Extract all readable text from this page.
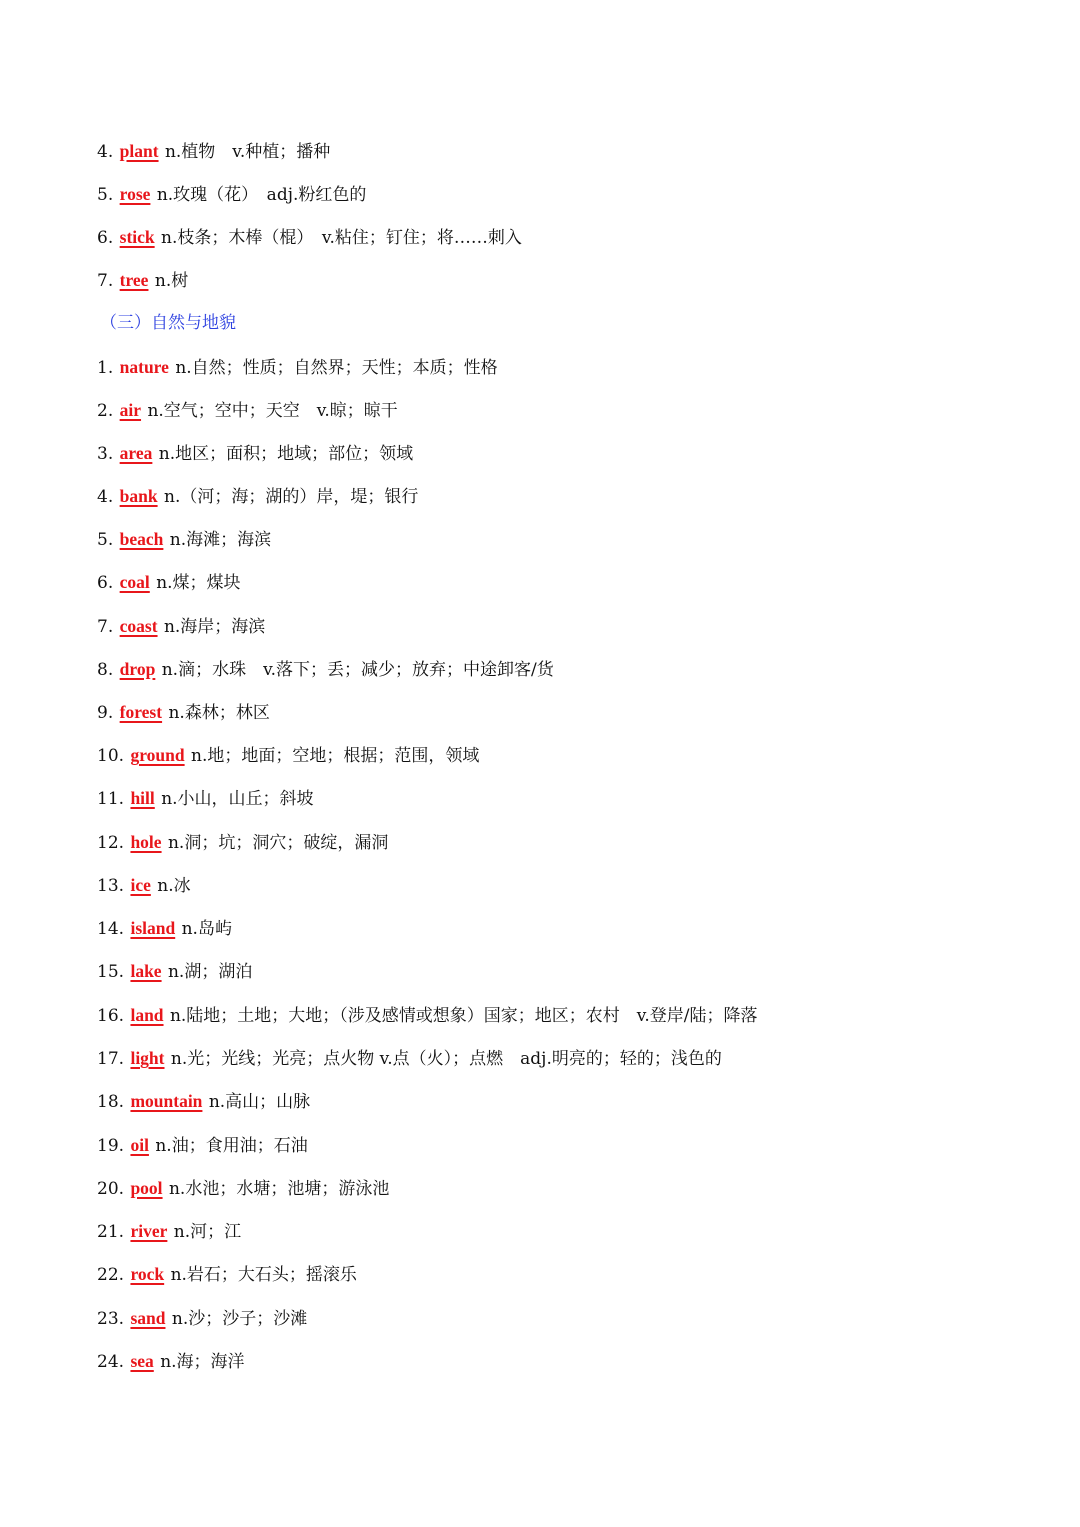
4. plant n.植物　v.种植；播种
5. rose n.玫瑰（花）　adj.粉红色的
6. stick n.枝条；木棒（棍）　v.粘住；钉住；将……刺入
7. tree n.树
（三）自然与地貌
1. nature n.自然；性质；自然界；天性；本质；性格
2. air n.空气；空中；天空　v.晾；晾干
3. area n.地区；面积；地域；部位；领域
4. bank n.（河；海；湖的）岸，堤；银行
5. beach n.海滩；海滨
6. coal n.煤；煤块
7. coast n.海岸；海滨
8. drop n.滴；水珠　v.落下；丢；减少；放弃；中途卸客/货
9. forest n.森林；林区
10. ground n.地；地面；空地；根据；范围，领域
11. hill n.小山，山丘；斜坡
12. hole n.洞；坑；洞穴；破绽，漏洞
13. ice n.冰
14. island n.岛屿
15. lake n.湖；湖泊
16. land n.陆地；土地；大地；（涉及感情或想象）国家；地区；农村　v.登岸/陆；降落
17. light n.光；光线；光亮；点火物 v.点（火）；点燃　adj.明亮的；轻的；浅色的
18. mountain n.高山；山脉
19. oil n.油；食用油；石油
20. pool n.水池；水塘；池塘；游泳池
21. river n.河；江
22. rock n.岩石；大石头；摇滚乐
23. sand n.沙；沙子；沙滩
24. sea n.海；海洋
